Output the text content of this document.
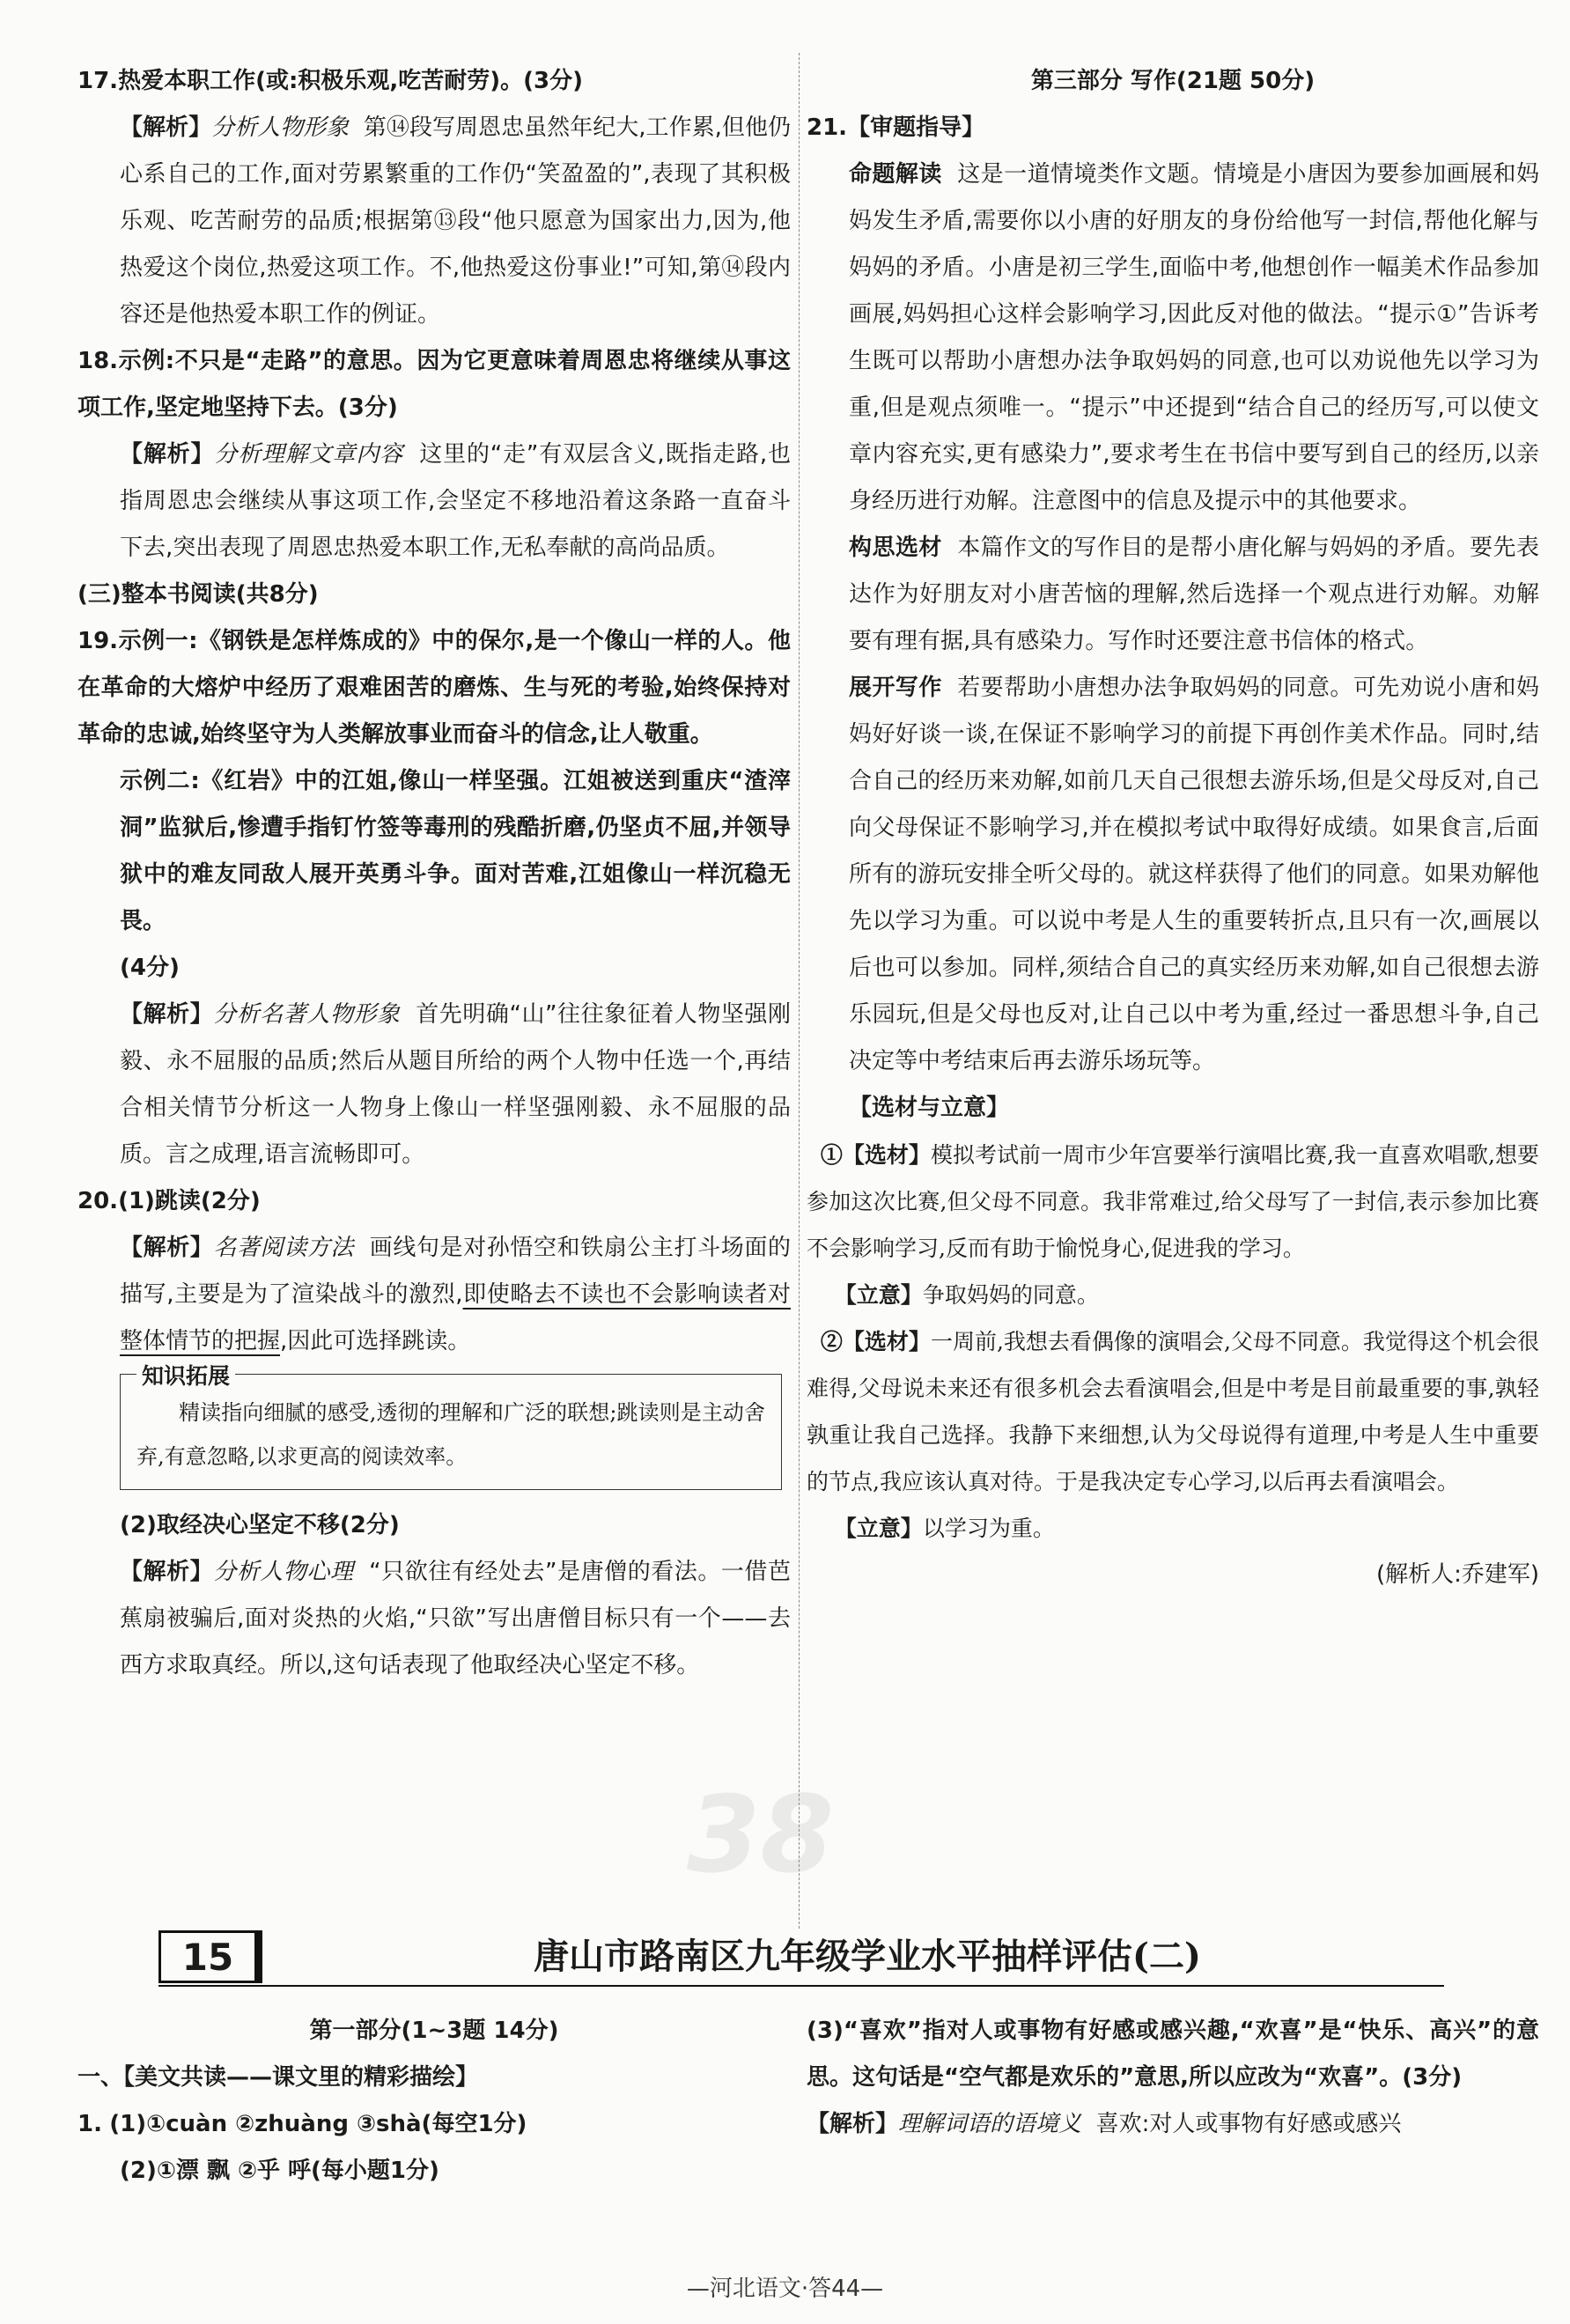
17.热爱本职工作(或:积极乐观,吃苦耐劳)。(3分)

【解析】分析人物形象 第⑭段写周恩忠虽然年纪大,工作累,但他仍心系自己的工作,面对劳累繁重的工作仍“笑盈盈的”,表现了其积极乐观、吃苦耐劳的品质;根据第⑬段“他只愿意为国家出力,因为,他热爱这个岗位,热爱这项工作。不,他热爱这份事业!”可知,第⑭段内容还是他热爱本职工作的例证。

18.示例:不只是“走路”的意思。因为它更意味着周恩忠将继续从事这项工作,坚定地坚持下去。(3分)

【解析】分析理解文章内容 这里的“走”有双层含义,既指走路,也指周恩忠会继续从事这项工作,会坚定不移地沿着这条路一直奋斗下去,突出表现了周恩忠热爱本职工作,无私奉献的高尚品质。

(三)整本书阅读(共8分)

19.示例一:《钢铁是怎样炼成的》中的保尔,是一个像山一样的人。他在革命的大熔炉中经历了艰难困苦的磨炼、生与死的考验,始终保持对革命的忠诚,始终坚守为人类解放事业而奋斗的信念,让人敬重。

示例二:《红岩》中的江姐,像山一样坚强。江姐被送到重庆“渣滓洞”监狱后,惨遭手指钉竹签等毒刑的残酷折磨,仍坚贞不屈,并领导狱中的难友同敌人展开英勇斗争。面对苦难,江姐像山一样沉稳无畏。

(4分)

【解析】分析名著人物形象 首先明确“山”往往象征着人物坚强刚毅、永不屈服的品质;然后从题目所给的两个人物中任选一个,再结合相关情节分析这一人物身上像山一样坚强刚毅、永不屈服的品质。言之成理,语言流畅即可。

20.(1)跳读(2分)

【解析】名著阅读方法 画线句是对孙悟空和铁扇公主打斗场面的描写,主要是为了渲染战斗的激烈,即使略去不读也不会影响读者对整体情节的把握,因此可选择跳读。

知识拓展

精读指向细腻的感受,透彻的理解和广泛的联想;跳读则是主动舍弃,有意忽略,以求更高的阅读效率。

(2)取经决心坚定不移(2分)

【解析】分析人物心理 “只欲往有经处去”是唐僧的看法。一借芭蕉扇被骗后,面对炎热的火焰,“只欲”写出唐僧目标只有一个——去西方求取真经。所以,这句话表现了他取经决心坚定不移。

第三部分 写作(21题 50分)

21.【审题指导】

命题解读 这是一道情境类作文题。情境是小唐因为要参加画展和妈妈发生矛盾,需要你以小唐的好朋友的身份给他写一封信,帮他化解与妈妈的矛盾。小唐是初三学生,面临中考,他想创作一幅美术作品参加画展,妈妈担心这样会影响学习,因此反对他的做法。“提示①”告诉考生既可以帮助小唐想办法争取妈妈的同意,也可以劝说他先以学习为重,但是观点须唯一。“提示”中还提到“结合自己的经历写,可以使文章内容充实,更有感染力”,要求考生在书信中要写到自己的经历,以亲身经历进行劝解。注意图中的信息及提示中的其他要求。

构思选材 本篇作文的写作目的是帮小唐化解与妈妈的矛盾。要先表达作为好朋友对小唐苦恼的理解,然后选择一个观点进行劝解。劝解要有理有据,具有感染力。写作时还要注意书信体的格式。

展开写作 若要帮助小唐想办法争取妈妈的同意。可先劝说小唐和妈妈好好谈一谈,在保证不影响学习的前提下再创作美术作品。同时,结合自己的经历来劝解,如前几天自己很想去游乐场,但是父母反对,自己向父母保证不影响学习,并在模拟考试中取得好成绩。如果食言,后面所有的游玩安排全听父母的。就这样获得了他们的同意。如果劝解他先以学习为重。可以说中考是人生的重要转折点,且只有一次,画展以后也可以参加。同样,须结合自己的真实经历来劝解,如自己很想去游乐园玩,但是父母也反对,让自己以中考为重,经过一番思想斗争,自己决定等中考结束后再去游乐场玩等。

【选材与立意】

①【选材】模拟考试前一周市少年宫要举行演唱比赛,我一直喜欢唱歌,想要参加这次比赛,但父母不同意。我非常难过,给父母写了一封信,表示参加比赛不会影响学习,反而有助于愉悦身心,促进我的学习。

【立意】争取妈妈的同意。

②【选材】一周前,我想去看偶像的演唱会,父母不同意。我觉得这个机会很难得,父母说未来还有很多机会去看演唱会,但是中考是目前最重要的事,孰轻孰重让我自己选择。我静下来细想,认为父母说得有道理,中考是人生中重要的节点,我应该认真对待。于是我决定专心学习,以后再去看演唱会。

【立意】以学习为重。

(解析人:乔建军)

38
15	唐山市路南区九年级学业水平抽样评估(二)

第一部分(1~3题 14分)

一、【美文共读——课文里的精彩描绘】

1. (1)①cuàn ②zhuàng ③shà(每空1分)

(2)①漂 飘 ②乎 呼(每小题1分)

(3)“喜欢”指对人或事物有好感或感兴趣,“欢喜”是“快乐、高兴”的意思。这句话是“空气都是欢乐的”意思,所以应改为“欢喜”。(3分)

【解析】理解词语的语境义 喜欢:对人或事物有好感或感兴

—河北语文·答44—
